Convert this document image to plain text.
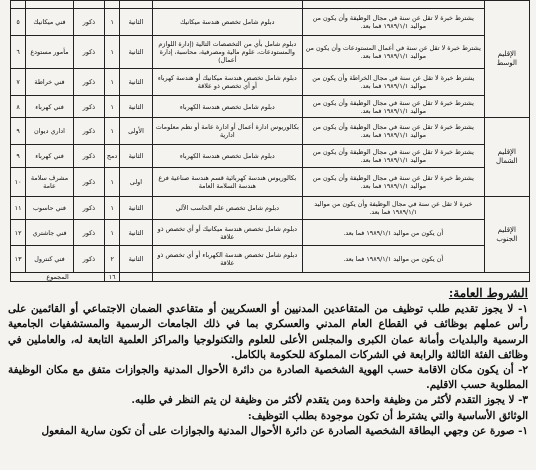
الإقليم الوسط							
	يشترط خبرة لا تقل عن سنة في مجال الوظيفة وأن يكون من مواليد ١٩٨٩/١/١ فما بعد.	دبلوم شامل تخصص هندسة ميكانيك	الثانية	١	ذكور	فني ميكانيك	٥
	يشترط خبرة لا تقل عن سنة في أعمال المستودعات وأن يكون من مواليد ١٩٨٩/١/١ فما بعد.	دبلوم شامل بأي من التخصصات التالية (إدارة اللوازم والمستودعات، علوم مالية ومصرفية، محاسبة، إدارة أعمال)	الثانية	١	ذكور	مأمور مستودع	٦
	يشترط خبرة لا تقل عن سنة في مجال الخراطة وأن يكون من مواليد ١٩٨٩/١/١ فما بعد.	دبلوم شامل تخصص هندسة ميكانيك أو هندسة كهرباء أو أي تخصص ذو علاقة	الثانية	١	ذكور	فني خراطة	٧
	يشترط خبرة لا تقل عن سنة في مجال الوظيفة وأن يكون من مواليد ١٩٨٩/١/١ فما بعد.	دبلوم شامل تخصص هندسة الكهرباء	الثانية	١	ذكور	فني كهرباء	٨
الإقليم الشمال	يشترط خبرة لا تقل عن سنة في مجال الوظيفة وأن يكون من مواليد ١٩٨٩/١/١ فما بعد.	بكالوريوس ادارة أعمال أو ادارة عامة أو نظم معلومات ادارية	الأولى	١	ذكور	اداري ديوان	٩
	يشترط خبرة لا تقل عن سنة في مجال الوظيفة وأن يكون من مواليد ١٩٨٩/١/١ فما بعد.	دبلوم شامل تخصص هندسة الكهرباء	الثانية	دمج	ذكور	فني كهرباء	٩
	يشترط خبرة لا تقل عن سنة في مجال الوظيفة وأن يكون من مواليد ١٩٨٩/١/١ فما بعد.	بكالوريوس هندسة كهربائية قسم هندسة صناعية فرع هندسة السلامة العامة	اولى	١	ذكور	مشرف سلامة عامة	١٠
الإقليم الجنوب	خبرة لا تقل عن سنة في مجال الوظيفة وأن يكون من مواليد ١٩٨٩/١/١ فما بعد.	دبلوم شامل تخصص علم الحاسب الآلي	الثانية	١	ذكور	فني حاسوب	١١
	أن يكون من مواليد ١٩٨٩/١/١ فما بعد.	دبلوم شامل تخصص هندسة ميكانيك أو أي تخصص ذو علاقة	الثانية	١	ذكور	فني جاشتري	١٢
	أن يكون من مواليد ١٩٨٩/١/١ فما بعد.	دبلوم شامل تخصص هندسة الكهرباء أو أي تخصص ذو علاقة	الثانية	٢	ذكور	فني كنترول	١٣
				١٦	المجموع		
الشروط العامة:

١- لا يجوز تقديم طلب توظيف من المتقاعدين المدنيين أو العسكريين أو متقاعدي الضمان الاجتماعي أو القائمين على رأس عملهم بوظائف في القطاع العام المدني والعسكري بما في ذلك الجامعات الرسمية والمستشفيات الجامعية الرسمية والبلديات وأمانة عمان الكبرى والمجلس الأعلى للعلوم والتكنولوجيا والمراكز العلمية التابعة له، والعاملين في وظائف الفئة الثالثة والرابعة في الشركات المملوكة للحكومة بالكامل.

٢- أن يكون مكان الاقامة حسب الهوية الشخصية الصادرة من دائرة الأحوال المدنية والجوازات متفق مع مكان الوظيفة المطلوبة حسب الاقليم.

٣- لا يجوز التقدم لأكثر من وظيفة واحدة ومن يتقدم لأكثر من وظيفة لن يتم النظر في طلبه.

الوثائق الأساسية والتي يشترط أن تكون موجودة بطلب التوظيف:

١- صورة عن وجهي البطاقة الشخصية الصادرة عن دائرة الأحوال المدنية والجوازات على أن تكون سارية المفعول
